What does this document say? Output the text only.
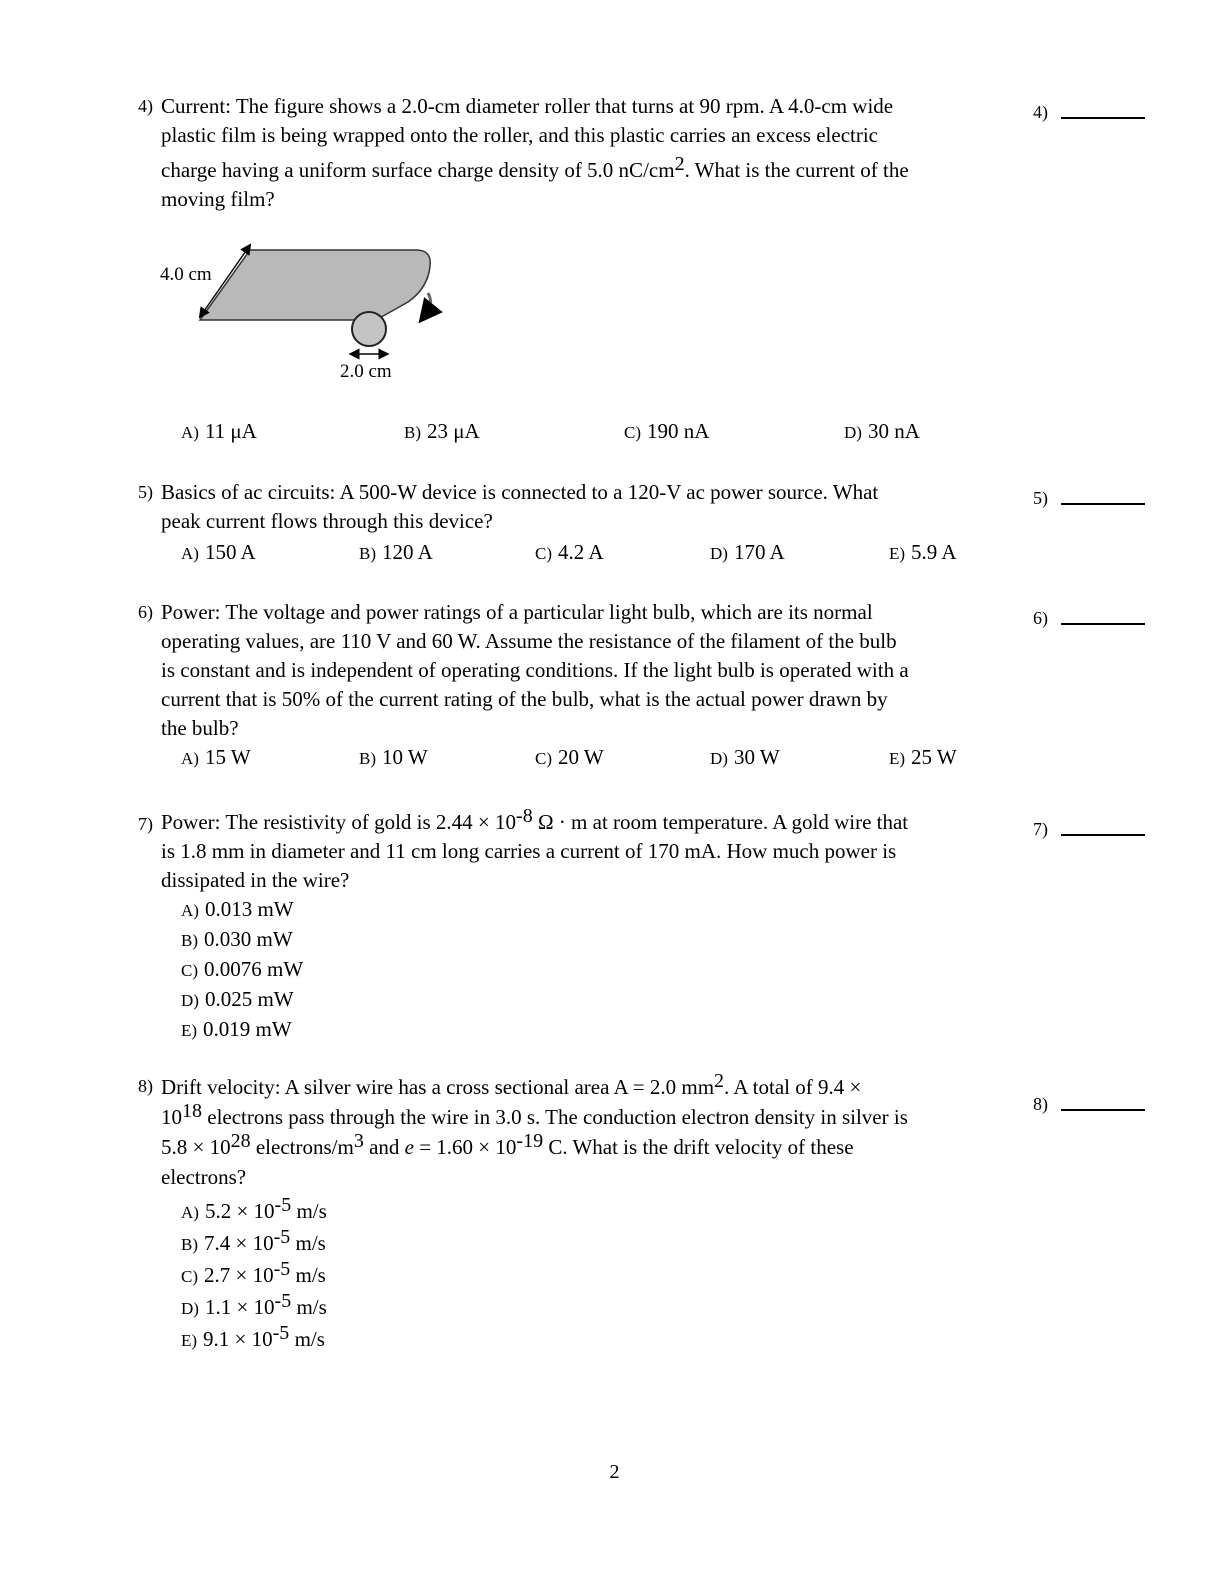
4) Current: The figure shows a 2.0-cm diameter roller that turns at 90 rpm. A 4.0-cm wide

plastic film is being wrapped onto the roller, and this plastic carries an excess electric

charge having a uniform surface charge density of 5.0 $nC/cm^2$. What is the current of the

moving film?

4.0 cm
2.0 cm
A) 11 μA	B) 23 μA	C) 190 nA	D) 30 nA
5) Basics of ac circuits: A 500-W device is connected to a 120-V ac power source. What

peak current flows through this device?

A) 150 A	B) 120 A	C) 4.2 A	D) 170 A	E) 5.9 A
6) Power: The voltage and power ratings of a particular light bulb, which are its normal

operating values, are 110 V and 60 W. Assume the resistance of the filament of the bulb

is constant and is independent of operating conditions. If the light bulb is operated with a

current that is 50% of the current rating of the bulb, what is the actual power drawn by

the bulb?

A) 15 W	B) 10 W	C) 20 W	D) 30 W	E) 25 W
7) Power: The resistivity of gold is $2.44 \times 10^{-8}$ Ω · m at room temperature. A gold wire that

is 1.8 mm in diameter and 11 cm long carries a current of 170 mA. How much power is

dissipated in the wire?

A) 0.013 mW
B) 0.030 mW
C) 0.0076 mW
D) 0.025 mW
E) 0.019 mW
8) Drift velocity: A silver wire has a cross sectional area A = 2.0 $mm^2$. A total of 9.4 ×

$10^{18}$ electrons pass through the wire in 3.0 s. The conduction electron density in silver is

$5.8 \times 10^{28}$ electrons/$m^3$ and $e = 1.60 \times 10^{-19}$ C. What is the drift velocity of these

electrons?

A) $5.2 \times 10^{-5}$ m/s
B) $7.4 \times 10^{-5}$ m/s
C) $2.7 \times 10^{-5}$ m/s
D) $1.1 \times 10^{-5}$ m/s
E) $9.1 \times 10^{-5}$ m/s
4)
5)
6)
7)
8)
2
